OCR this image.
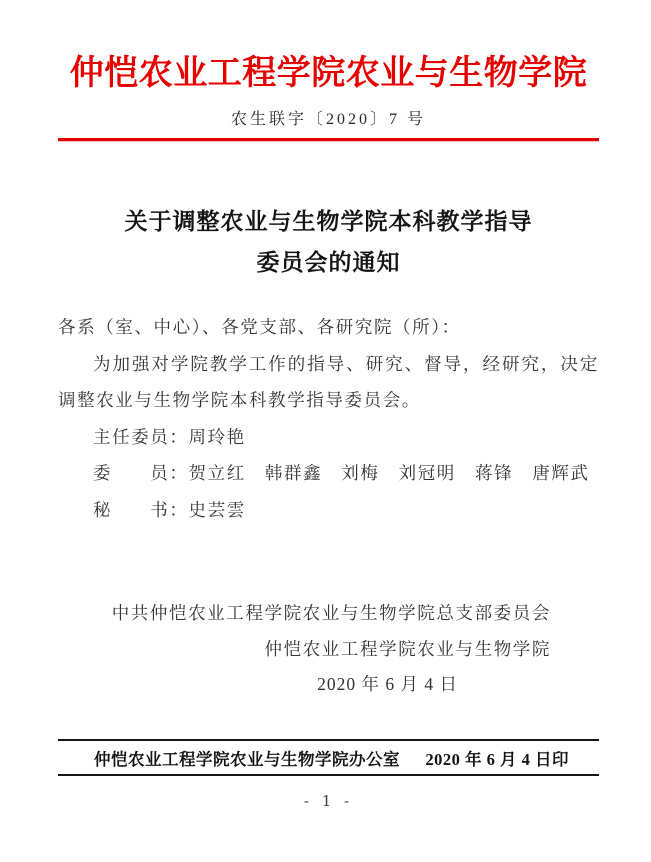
仲恺农业工程学院农业与生物学院
农生联字〔2020〕7 号
关于调整农业与生物学院本科教学指导
委员会的通知
各系（室、中心）、各党支部、各研究院（所）：
为加强对学院教学工作的指导、研究、督导，经研究，决定
调整农业与生物学院本科教学指导委员会。
主任委员：周玲艳
委　　员：贺立红　韩群鑫　刘梅　刘冠明　蒋锋　唐辉武
秘　　书：史芸雲
中共仲恺农业工程学院农业与生物学院总支部委员会
仲恺农业工程学院农业与生物学院
2020 年 6 月 4 日
仲恺农业工程学院农业与生物学院办公室 2020 年 6 月 4 日印
- 1 -
